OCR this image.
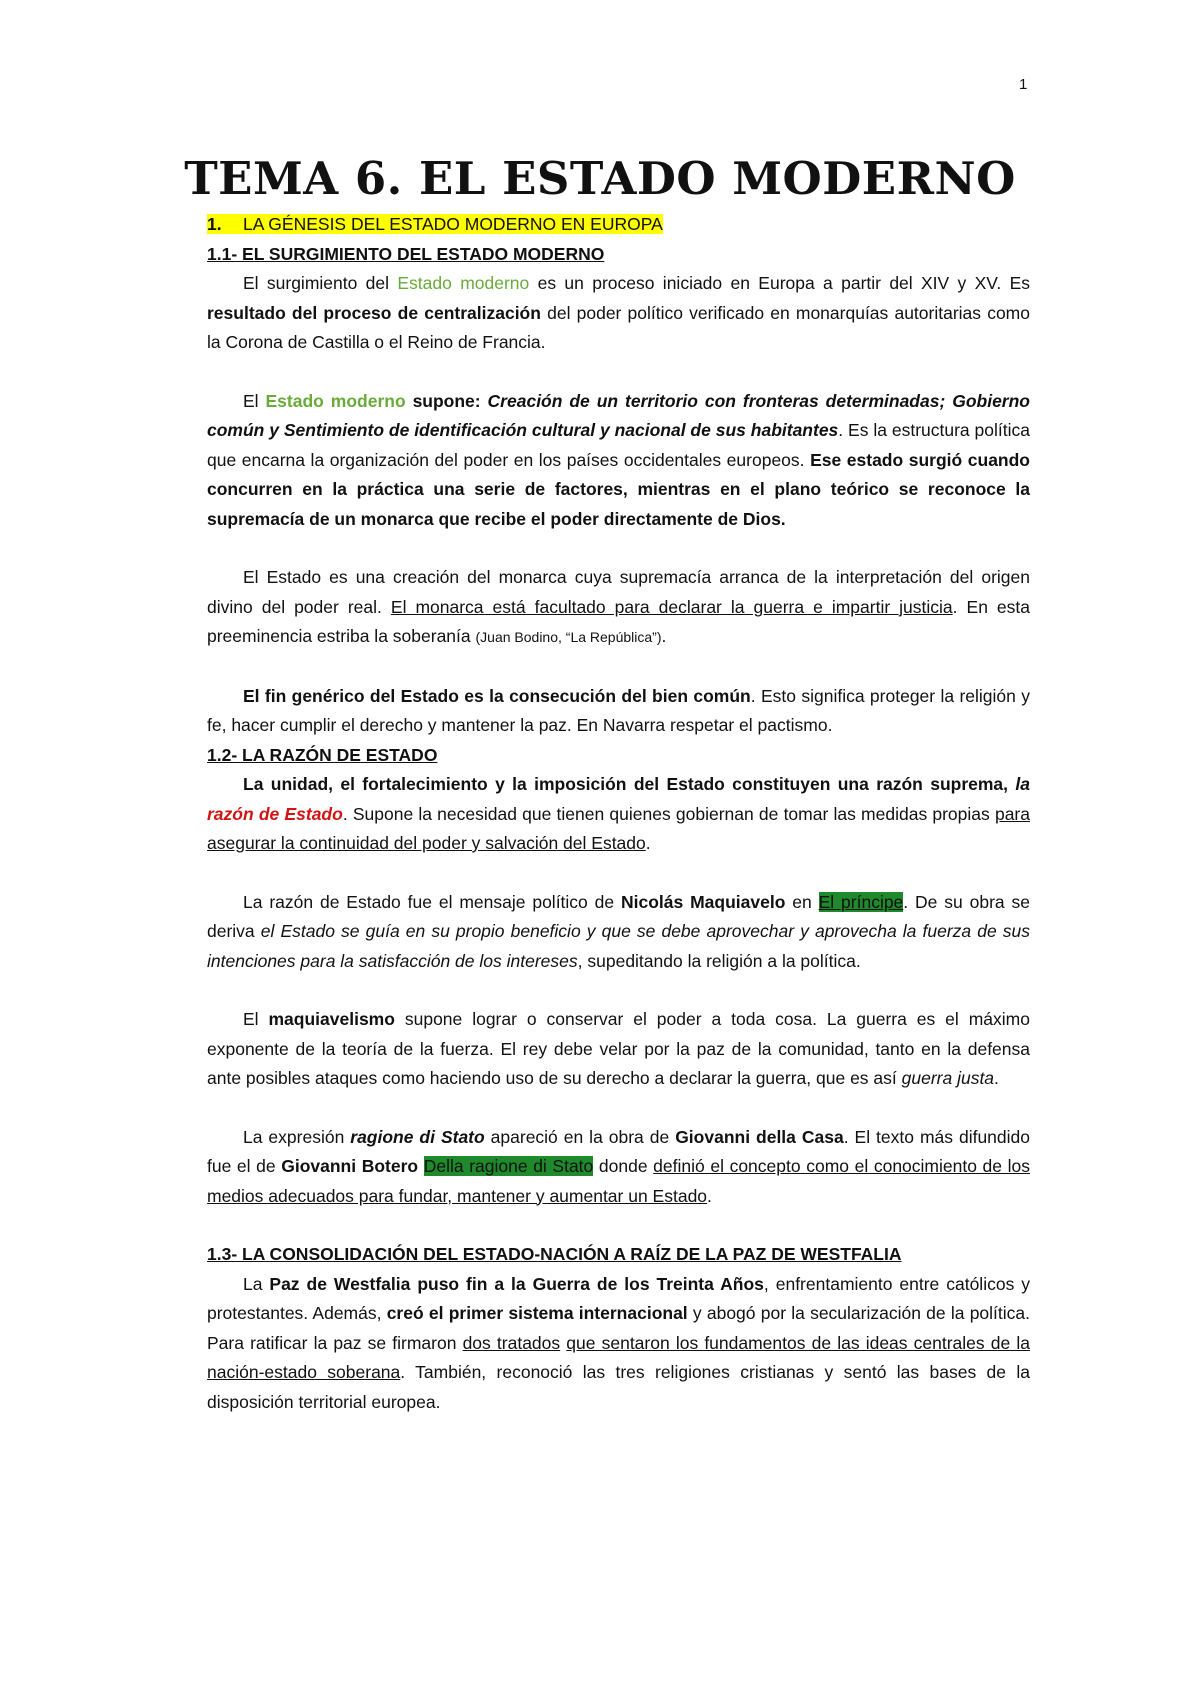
1
TEMA 6. EL ESTADO MODERNO
1. LA GÉNESIS DEL ESTADO MODERNO EN EUROPA
1.1- EL SURGIMIENTO DEL ESTADO MODERNO

El surgimiento del Estado moderno es un proceso iniciado en Europa a partir del XIV y XV. Es resultado del proceso de centralización del poder político verificado en monarquías autoritarias como la Corona de Castilla o el Reino de Francia.

El Estado moderno supone: Creación de un territorio con fronteras determinadas; Gobierno común y Sentimiento de identificación cultural y nacional de sus habitantes. Es la estructura política que encarna la organización del poder en los países occidentales europeos. Ese estado surgió cuando concurren en la práctica una serie de factores, mientras en el plano teórico se reconoce la supremacía de un monarca que recibe el poder directamente de Dios.

El Estado es una creación del monarca cuya supremacía arranca de la interpretación del origen divino del poder real. El monarca está facultado para declarar la guerra e impartir justicia. En esta preeminencia estriba la soberanía (Juan Bodino, “La República”).

El fin genérico del Estado es la consecución del bien común. Esto significa proteger la religión y fe, hacer cumplir el derecho y mantener la paz. En Navarra respetar el pactismo.

1.2- LA RAZÓN DE ESTADO

La unidad, el fortalecimiento y la imposición del Estado constituyen una razón suprema, la razón de Estado. Supone la necesidad que tienen quienes gobiernan de tomar las medidas propias para asegurar la continuidad del poder y salvación del Estado.

La razón de Estado fue el mensaje político de Nicolás Maquiavelo en El príncipe. De su obra se deriva el Estado se guía en su propio beneficio y que se debe aprovechar y aprovecha la fuerza de sus intenciones para la satisfacción de los intereses, supeditando la religión a la política.

El maquiavelismo supone lograr o conservar el poder a toda cosa. La guerra es el máximo exponente de la teoría de la fuerza. El rey debe velar por la paz de la comunidad, tanto en la defensa ante posibles ataques como haciendo uso de su derecho a declarar la guerra, que es así guerra justa.

La expresión ragione di Stato apareció en la obra de Giovanni della Casa. El texto más difundido fue el de Giovanni Botero Della ragione di Stato donde definió el concepto como el conocimiento de los medios adecuados para fundar, mantener y aumentar un Estado.

1.3- LA CONSOLIDACIÓN DEL ESTADO-NACIÓN A RAÍZ DE LA PAZ DE WESTFALIA

La Paz de Westfalia puso fin a la Guerra de los Treinta Años, enfrentamiento entre católicos y protestantes. Además, creó el primer sistema internacional y abogó por la secularización de la política. Para ratificar la paz se firmaron dos tratados que sentaron los fundamentos de las ideas centrales de la nación-estado soberana. También, reconoció las tres religiones cristianas y sentó las bases de la disposición territorial europea.
